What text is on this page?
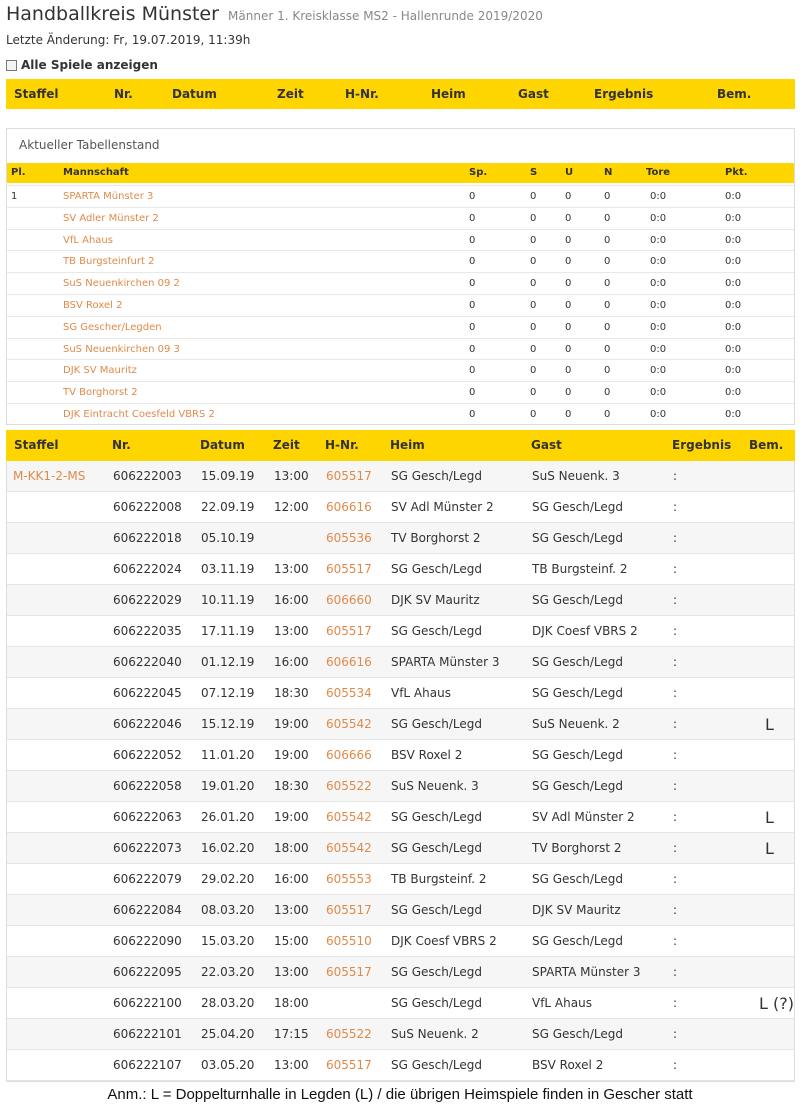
Handballkreis Münster Männer 1. Kreisklasse MS2 - Hallenrunde 2019/2020
Letzte Änderung: Fr, 19.07.2019, 11:39h
Alle Spiele anzeigen
Staffel	Nr.	Datum	Zeit	H-Nr.	Heim	Gast	Ergebnis	Bem.
Aktueller Tabellenstand
Pl.	Mannschaft	Sp.	S	U	N	Tore	Pkt.
1	SPARTA Münster 3	0	0	0	0	0:0	0:0
SV Adler Münster 2	0	0	0	0	0:0	0:0
VfL Ahaus	0	0	0	0	0:0	0:0
TB Burgsteinfurt 2	0	0	0	0	0:0	0:0
SuS Neuenkirchen 09 2	0	0	0	0	0:0	0:0
BSV Roxel 2	0	0	0	0	0:0	0:0
SG Gescher/Legden	0	0	0	0	0:0	0:0
SuS Neuenkirchen 09 3	0	0	0	0	0:0	0:0
DJK SV Mauritz	0	0	0	0	0:0	0:0
TV Borghorst 2	0	0	0	0	0:0	0:0
DJK Eintracht Coesfeld VBRS 2	0	0	0	0	0:0	0:0
Staffel	Nr.	Datum Zeit H-Nr.	Heim	Gast	Ergebnis Bem.
M-KK1-2-MS 606222003 15.09.19 13:00 605517 SG Gesch/Legd	SuS Neuenk. 3	:
606222008 22.09.19 12:00 606616 SV Adl Münster 2	SG Gesch/Legd	:
606222018 05.10.19	605536 TV Borghorst 2	SG Gesch/Legd	:
606222024 03.11.19 13:00 605517 SG Gesch/Legd	TB Burgsteinf. 2	:
606222029 10.11.19 16:00 606660 DJK SV Mauritz	SG Gesch/Legd	:
606222035 17.11.19 13:00 605517 SG Gesch/Legd	DJK Coesf VBRS 2	:
606222040 01.12.19 16:00 606616 SPARTA Münster 3	SG Gesch/Legd	:
606222045 07.12.19 18:30 605534 VfL Ahaus	SG Gesch/Legd	:
606222046 15.12.19 19:00 605542 SG Gesch/Legd	SuS Neuenk. 2	:	L
606222052 11.01.20 19:00 606666 BSV Roxel 2	SG Gesch/Legd	:
606222058 19.01.20 18:30 605522 SuS Neuenk. 3	SG Gesch/Legd	:
606222063 26.01.20 19:00 605542 SG Gesch/Legd	SV Adl Münster 2	:	L
606222073 16.02.20 18:00 605542 SG Gesch/Legd	TV Borghorst 2	:	L
606222079 29.02.20 16:00 605553 TB Burgsteinf. 2	SG Gesch/Legd	:
606222084 08.03.20 13:00 605517 SG Gesch/Legd	DJK SV Mauritz	:
606222090 15.03.20 15:00 605510 DJK Coesf VBRS 2	SG Gesch/Legd	:
606222095 22.03.20 13:00 605517 SG Gesch/Legd	SPARTA Münster 3	:
606222100 28.03.20 18:00	SG Gesch/Legd	VfL Ahaus	:	L (?)
606222101 25.04.20 17:15 605522 SuS Neuenk. 2	SG Gesch/Legd	:
606222107 03.05.20 13:00 605517 SG Gesch/Legd	BSV Roxel 2	:
Anm.: L = Doppelturnhalle in Legden (L) / die übrigen Heimspiele finden in Gescher statt
